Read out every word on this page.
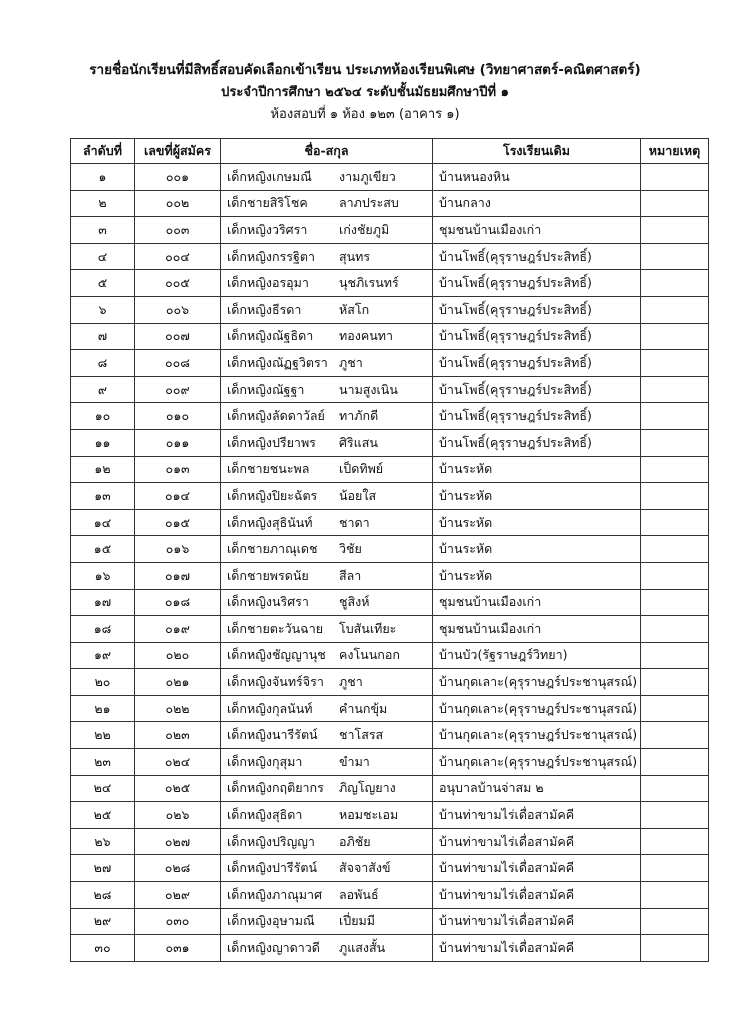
รายชื่อนักเรียนที่มีสิทธิ์สอบคัดเลือกเข้าเรียน ประเภทห้องเรียนพิเศษ (วิทยาศาสตร์-คณิตศาสตร์)
ประจำปีการศึกษา ๒๕๖๔ ระดับชั้นมัธยมศึกษาปีที่ ๑
ห้องสอบที่ ๑ ห้อง ๑๒๓ (อาคาร ๑)
ลำดับที่	เลขที่ผู้สมัคร	ชื่อ-สกุล	โรงเรียนเดิม	หมายเหตุ
๑	๐๐๑	เด็กหญิงเกษมณี งามภูเขียว	บ้านหนองหิน	
๒	๐๐๒	เด็กชายสิริโชค ลาภประสบ	บ้านกลาง	
๓	๐๐๓	เด็กหญิงวริศรา เก่งชัยภูมิ	ชุมชนบ้านเมืองเก่า	
๔	๐๐๔	เด็กหญิงกรรฐิตา สุนทร	บ้านโพธิ์(คุรุราษฎร์ประสิทธิ์)	
๕	๐๐๕	เด็กหญิงอรอุมา นุชภิเรนทร์	บ้านโพธิ์(คุรุราษฎร์ประสิทธิ์)	
๖	๐๐๖	เด็กหญิงธีรดา หัสโก	บ้านโพธิ์(คุรุราษฎร์ประสิทธิ์)	
๗	๐๐๗	เด็กหญิงณัฐธิดา ทองคนทา	บ้านโพธิ์(คุรุราษฎร์ประสิทธิ์)	
๘	๐๐๘	เด็กหญิงณัฏฐวิตรา ภูชา	บ้านโพธิ์(คุรุราษฎร์ประสิทธิ์)	
๙	๐๐๙	เด็กหญิงณัฐฐา นามสูงเนิน	บ้านโพธิ์(คุรุราษฎร์ประสิทธิ์)	
๑๐	๐๑๐	เด็กหญิงลัดดาวัลย์ ทาภักดี	บ้านโพธิ์(คุรุราษฎร์ประสิทธิ์)	
๑๑	๐๑๑	เด็กหญิงปรียาพร ศิริแสน	บ้านโพธิ์(คุรุราษฎร์ประสิทธิ์)	
๑๒	๐๑๓	เด็กชายชนะพล เป็ดทิพย์	บ้านระหัด	
๑๓	๐๑๔	เด็กหญิงปิยะฉัตร น้อยใส	บ้านระหัด	
๑๔	๐๑๕	เด็กหญิงสุธินันท์ ชาดา	บ้านระหัด	
๑๕	๐๑๖	เด็กชายภาณุเดช วิชัย	บ้านระหัด	
๑๖	๐๑๗	เด็กชายพรดนัย สีลา	บ้านระหัด	
๑๗	๐๑๘	เด็กหญิงนริศรา ชูสิงห์	ชุมชนบ้านเมืองเก่า	
๑๘	๐๑๙	เด็กชายตะวันฉาย โบสันเทียะ	ชุมชนบ้านเมืองเก่า	
๑๙	๐๒๐	เด็กหญิงชัญญานุช คงโนนกอก	บ้านบัว(รัฐราษฎร์วิทยา)	
๒๐	๐๒๑	เด็กหญิงจันทร์จิรา ภูชา	บ้านกุดเลาะ(คุรุราษฎร์ประชานุสรณ์)	
๒๑	๐๒๒	เด็กหญิงกุลนันท์ คำนกขุ้ม	บ้านกุดเลาะ(คุรุราษฎร์ประชานุสรณ์)	
๒๒	๐๒๓	เด็กหญิงนารีรัตน์ ชาโสรส	บ้านกุดเลาะ(คุรุราษฎร์ประชานุสรณ์)	
๒๓	๐๒๔	เด็กหญิงกุสุมา ขำมา	บ้านกุดเลาะ(คุรุราษฎร์ประชานุสรณ์)	
๒๔	๐๒๕	เด็กหญิงกฤติยากร ภิญโญยาง	อนุบาลบ้านจ่าสม ๒	
๒๕	๐๒๖	เด็กหญิงสุธิดา หอมชะเอม	บ้านท่าขามไร่เดื่อสามัคคี	
๒๖	๐๒๗	เด็กหญิงปริญญา อภิชัย	บ้านท่าขามไร่เดื่อสามัคคี	
๒๗	๐๒๘	เด็กหญิงปารีรัตน์ สัจจาสังข์	บ้านท่าขามไร่เดื่อสามัคคี	
๒๘	๐๒๙	เด็กหญิงภาณุมาศ ลอพันธ์	บ้านท่าขามไร่เดื่อสามัคคี	
๒๙	๐๓๐	เด็กหญิงอุษามณี เปี่ยมมี	บ้านท่าขามไร่เดื่อสามัคคี	
๓๐	๐๓๑	เด็กหญิงญาดาวดี ภูแสงสั้น	บ้านท่าขามไร่เดื่อสามัคคี	
